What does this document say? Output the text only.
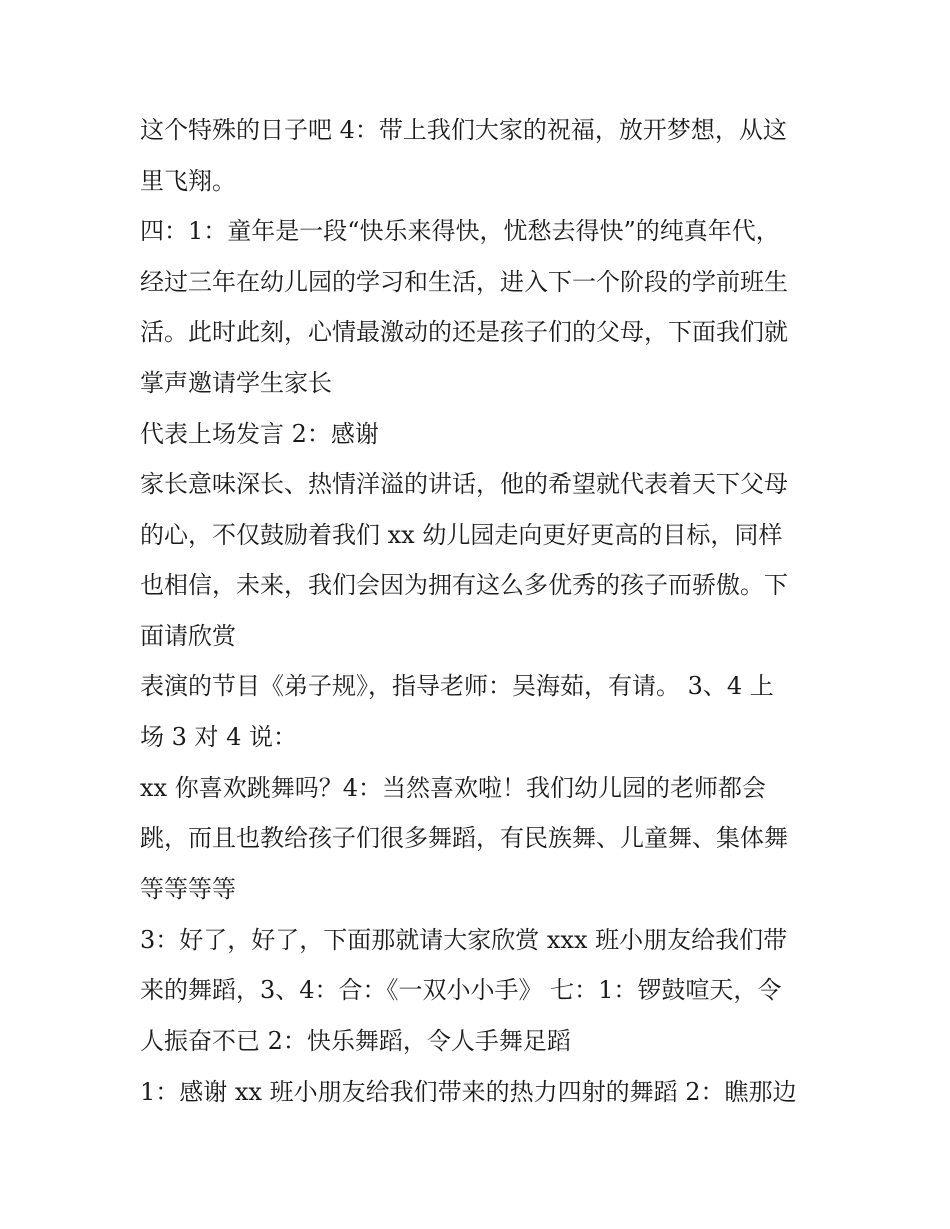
这个特殊的日子吧 4：带上我们大家的祝福，放开梦想，从这
里飞翔。
四：1：童年是一段“快乐来得快，忧愁去得快”的纯真年代，
经过三年在幼儿园的学习和生活，进入下一个阶段的学前班生
活。此时此刻，心情最激动的还是孩子们的父母，下面我们就
掌声邀请学生家长
代表上场发言 2：感谢
家长意味深长、热情洋溢的讲话，他的希望就代表着天下父母
的心，不仅鼓励着我们 xx 幼儿园走向更好更高的目标，同样
也相信，未来，我们会因为拥有这么多优秀的孩子而骄傲。下
面请欣赏
表演的节目《弟子规》，指导老师：吴海茹，有请。 3、4 上
场 3 对 4 说：
xx 你喜欢跳舞吗？4：当然喜欢啦！我们幼儿园的老师都会
跳，而且也教给孩子们很多舞蹈，有民族舞、儿童舞、集体舞
等等等等
3：好了，好了，下面那就请大家欣赏 xxx 班小朋友给我们带
来的舞蹈，3、4：合：《一双小小手》 七：1：锣鼓喧天，令
人振奋不已 2：快乐舞蹈，令人手舞足蹈
1：感谢 xx 班小朋友给我们带来的热力四射的舞蹈 2：瞧那边
